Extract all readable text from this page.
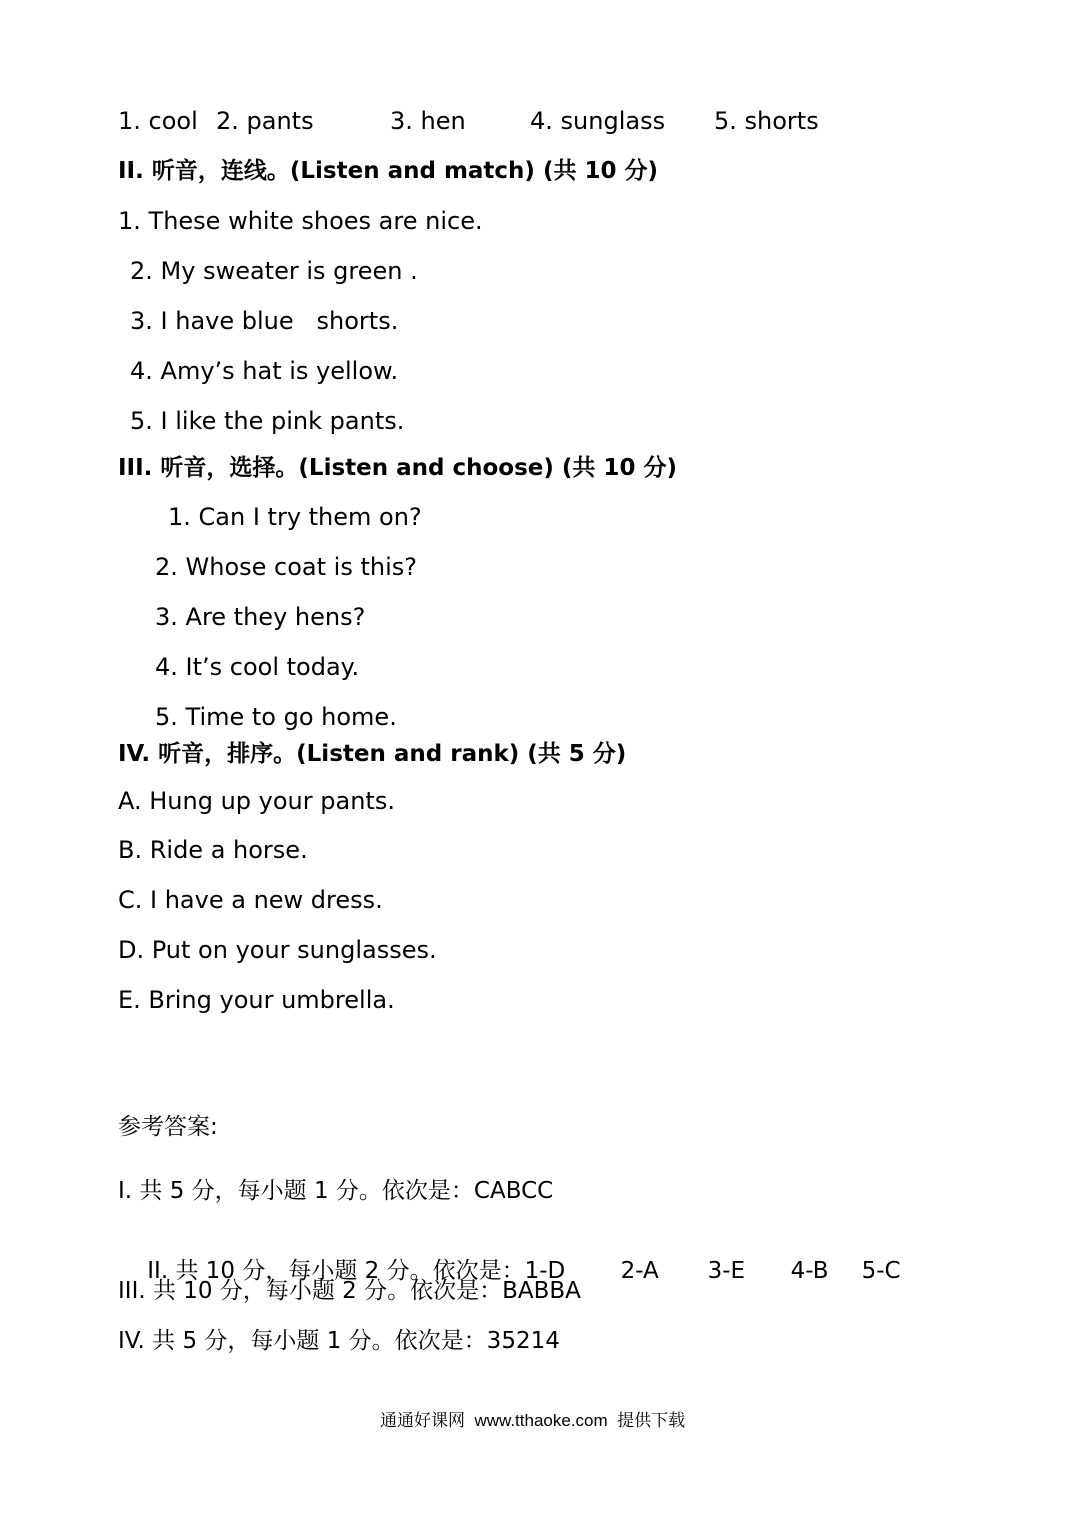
1. cool 2. pants	3. hen	4. sunglass 5. shorts
II. 听音，连线。(Listen and match) (共 10 分)
1. These white shoes are nice.
2. My sweater is green .
3. I have blue   shorts.
4. Amy’s hat is yellow.
5. I like the pink pants.
III. 听音，选择。(Listen and choose) (共 10 分)
1. Can I try them on?
2. Whose coat is this?
3. Are they hens?
4. It’s cool today.
5. Time to go home.
IV. 听音，排序。(Listen and rank) (共 5 分)
A. Hung up your pants.
B. Ride a horse.
C. I have a new dress.
D. Put on your sunglasses.
E. Bring your umbrella.
参考答案:
I. 共 5 分，每小题 1 分。依次是：CABCC

II. 共 10 分，每小题 2 分。依次是：1-D 2-A 3-E 4-B 5-C

III. 共 10 分，每小题 2 分。依次是：BABBA
IV. 共 5 分，每小题 1 分。依次是：35214
通通好课网  www.tthaoke.com  提供下载
